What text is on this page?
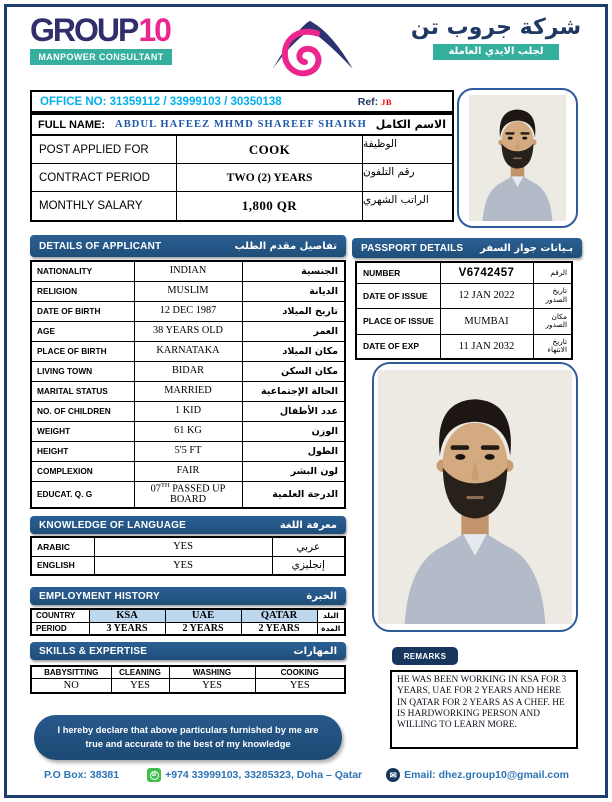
GROUP10
MANPOWER CONSULTANT
شركة جروب تن
لجلب الايدي العاملة
OFFICE NO: 31359112 / 33999103 / 30350138	Ref: JB
FULL NAME: ABDUL HAFEEZ MHMD SHAREEF SHAIKH الاسم الكامل
POST APPLIED FOR	COOK	الوظيفة
CONTRACT PERIOD	TWO (2) YEARS	رقم التلفون
MONTHLY SALARY	1,800 QR	الراتب الشهري
DETAILS OF APPLICANT	تفاصيل مقدم الطلب
NATIONALITY	INDIAN	الجنسية
RELIGION	MUSLIM	الديانة
DATE OF BIRTH	12 DEC 1987	تاريخ الميلاد
AGE	38 YEARS OLD	العمر
PLACE OF BIRTH	KARNATAKA	مكان الميلاد
LIVING TOWN	BIDAR	مكان السكن
MARITAL STATUS	MARRIED	الحالة الإجتماعية
NO. OF CHILDREN	1 KID	عدد الأطفال
WEIGHT	61 KG	الوزن
HEIGHT	5'5 FT	الطول
COMPLEXION	FAIR	لون البشر
EDUCAT. Q. G	07TH PASSED UP BOARD	الدرجة العلمية
KNOWLEDGE OF LANGUAGE	معرفة اللغة
ARABIC	YES	عربي
ENGLISH	YES	إنجليزي
EMPLOYMENT HISTORY	الخبرة
COUNTRY	KSA	UAE	QATAR	البلد
PERIOD	3 YEARS	2 YEARS	2 YEARS	المدة
SKILLS & EXPERTISE	المهارات
BABYSITTING	CLEANING	WASHING	COOKING
NO	YES	YES	YES
I hereby declare that above particulars furnished by me are true and accurate to the best of my knowledge
PASSPORT DETAILS بـيانات جواز السفر
NUMBER	V6742457	الرقم
DATE OF ISSUE	12 JAN 2022	تاريخ الصدور
PLACE OF ISSUE	MUMBAI	مكان الصدور
DATE OF EXP	11 JAN 2032	تاريخ الانتهاء
REMARKS
HE WAS BEEN WORKING IN KSA FOR 3 YEARS, UAE FOR 2 YEARS AND HERE IN QATAR FOR 2 YEARS AS A CHEF. HE IS HARDWORKING PERSON AND WILLING TO LEARN MORE.
P.O Box: 38381	B +974 33999103, 33285323, Doha – Qatar	✉ Email: dhez.group10@gmail.com
